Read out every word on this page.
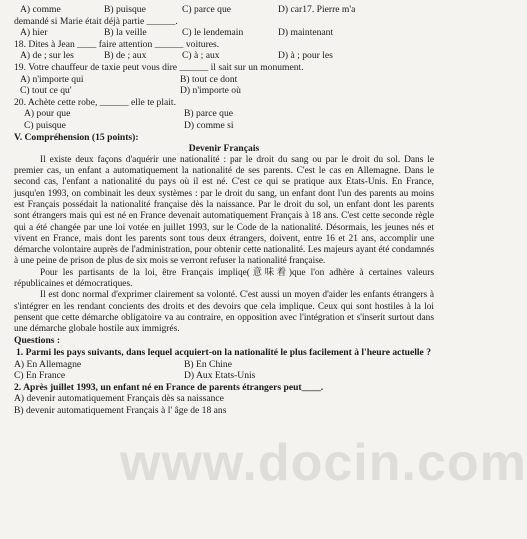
A) comme	B) puisque	C) parce que	D) car17. Pierre m'a
demandé si Marie était déjà partie ______.
A) hier	B) la veille	C) le lendemain	D) maintenant
18. Dites à Jean ____ faire attention ______ voitures.
A) de ; sur les	B) de ; aux	C) à ; aux	D) à ; pour les
19. Votre chauffeur de taxie peut vous dire ______ il sait sur un monument.
A) n'importe qui	B) tout ce dont
C) tout ce qu'	D) n'importe où
20. Achète cette robe, ______ elle te plait.
A) pour que	B) parce que
C) puisque	D) comme si
V. Compréhension (15 points):
Devenir Français

Il existe deux façons d'aquérir une nationalité : par le droit du sang ou par le droit du sol. Dans le premier cas, un enfant a automatiquement la nationalité de ses parents. C'est le cas en Allemagne. Dans le second cas, l'enfant a nationalité du pays où il est né. C'est ce qui se pratique aux Etats-Unis. En France, jusqu'en 1993, on combinait les deux systèmes : par le droit du sang, un enfant dont l'un des parents au moins est Français possédait la nationalité française dès la naissance. Par le droit du sol, un enfant dont les parents sont étrangers mais qui est né en France devenait automatiquement Français à 18 ans. C'est cette seconde règle qui a été changée par une loi votée en juillet 1993, sur le Code de la nationalité. Désormais, les jeunes nés et vivent en France, mais dont les parents sont tous deux étrangers, doivent, entre 16 et 21 ans, accomplir une démarche volontaire auprès de l'administration, pour obtenir cette nationalité. Les majeurs ayant été condamnés à une peine de prison de plus de six mois se verront refuser la nationalité française.

Pour les partisants de la loi, être Français impliqe(意味着)que l'on adhère à certaines valeurs républicaines et démocratiques.

Il est donc normal d'exprimer clairement sa volonté. C'est aussi un moyen d'aider les enfants étrangers à s'intégrer en les rendant concients des droits et des devoirs que cela implique. Ceux qui sont hostiles à la loi pensent que cette démarche obligatoire va au contraire, en opposition avec l'intégration et s'inserit surtout dans une démarche globale hostile aux immigrés.

Questions :
1. Parmi les pays suivants, dans lequel acquiert-on la nationalité le plus facilement à l'heure actuelle ?
A) En Allemagne	B) En Chine
C) En France	D) Aux Etats-Unis
2. Après juillet 1993, un enfant né en France de parents étrangers peut____.
A) devenir automatiquement Français dès sa naissance
B) devenir automatiquement Français à l' âge de 18 ans
www.docin.com
